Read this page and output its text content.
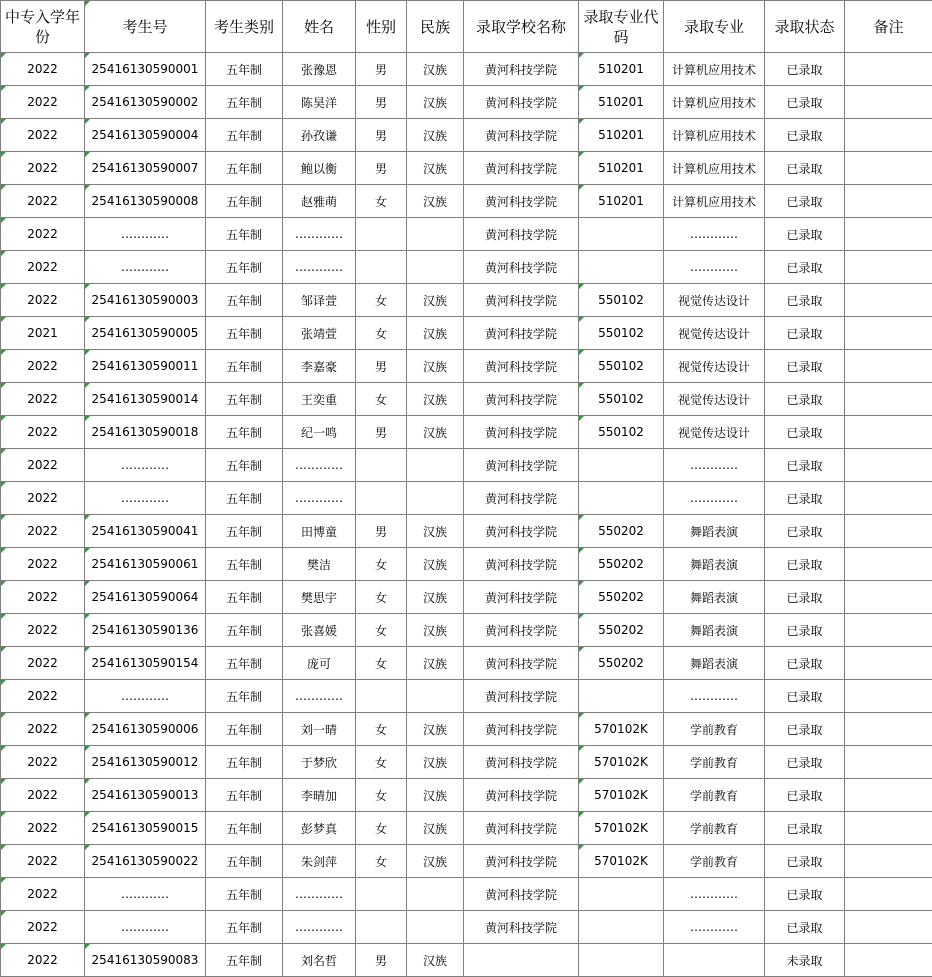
中专入学年份	考生号	考生类别	姓名	性别	民族	录取学校名称	录取专业代码	录取专业	录取状态	备注
2022	25416130590001	五年制	张豫恩	男	汉族	黄河科技学院	510201	计算机应用技术	已录取	
2022	25416130590002	五年制	陈昊洋	男	汉族	黄河科技学院	510201	计算机应用技术	已录取	
2022	25416130590004	五年制	孙孜谦	男	汉族	黄河科技学院	510201	计算机应用技术	已录取	
2022	25416130590007	五年制	鲍以衡	男	汉族	黄河科技学院	510201	计算机应用技术	已录取	
2022	25416130590008	五年制	赵雅萌	女	汉族	黄河科技学院	510201	计算机应用技术	已录取	
2022	…………	五年制	…………			黄河科技学院		…………	已录取	
2022	…………	五年制	…………			黄河科技学院		…………	已录取	
2022	25416130590003	五年制	邹译萱	女	汉族	黄河科技学院	550102	视觉传达设计	已录取	
2021	25416130590005	五年制	张靖萱	女	汉族	黄河科技学院	550102	视觉传达设计	已录取	
2022	25416130590011	五年制	李嘉豪	男	汉族	黄河科技学院	550102	视觉传达设计	已录取	
2022	25416130590014	五年制	王奕重	女	汉族	黄河科技学院	550102	视觉传达设计	已录取	
2022	25416130590018	五年制	纪一鸣	男	汉族	黄河科技学院	550102	视觉传达设计	已录取	
2022	…………	五年制	…………			黄河科技学院		…………	已录取	
2022	…………	五年制	…………			黄河科技学院		…………	已录取	
2022	25416130590041	五年制	田博童	男	汉族	黄河科技学院	550202	舞蹈表演	已录取	
2022	25416130590061	五年制	樊洁	女	汉族	黄河科技学院	550202	舞蹈表演	已录取	
2022	25416130590064	五年制	樊思宇	女	汉族	黄河科技学院	550202	舞蹈表演	已录取	
2022	25416130590136	五年制	张喜媛	女	汉族	黄河科技学院	550202	舞蹈表演	已录取	
2022	25416130590154	五年制	庞可	女	汉族	黄河科技学院	550202	舞蹈表演	已录取	
2022	…………	五年制	…………			黄河科技学院		…………	已录取	
2022	25416130590006	五年制	刘一晴	女	汉族	黄河科技学院	570102K	学前教育	已录取	
2022	25416130590012	五年制	于梦欣	女	汉族	黄河科技学院	570102K	学前教育	已录取	
2022	25416130590013	五年制	李晴加	女	汉族	黄河科技学院	570102K	学前教育	已录取	
2022	25416130590015	五年制	彭梦真	女	汉族	黄河科技学院	570102K	学前教育	已录取	
2022	25416130590022	五年制	朱剑萍	女	汉族	黄河科技学院	570102K	学前教育	已录取	
2022	…………	五年制	…………			黄河科技学院		…………	已录取	
2022	…………	五年制	…………			黄河科技学院		…………	已录取	
2022	25416130590083	五年制	刘名哲	男	汉族				未录取	
